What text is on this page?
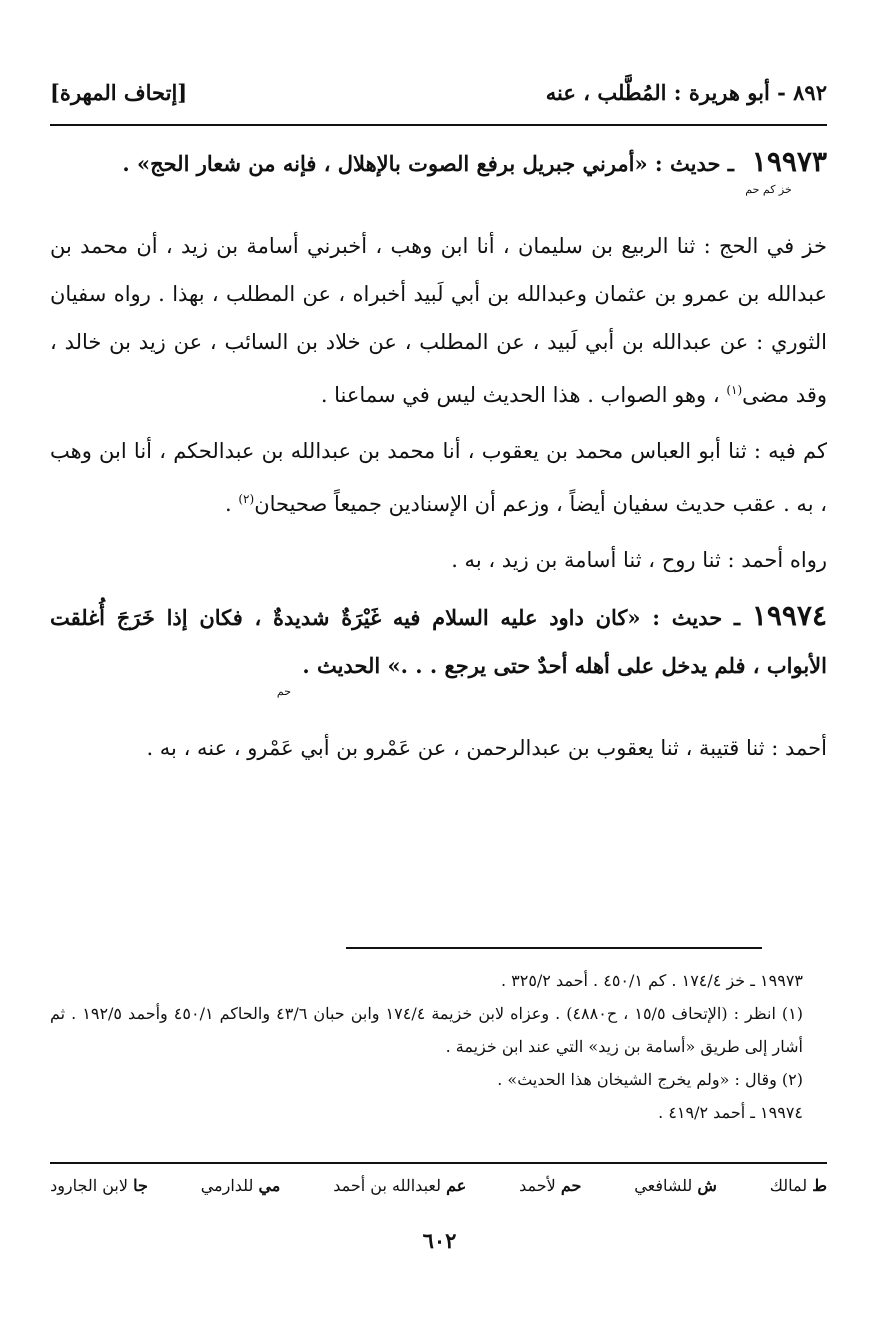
٨٩٢ - أبو هريرة : المُطَّلب ، عنه
[إتحاف المهرة]

١٩٩٧٣خز كم حم ـ حديث : «أمرني جبريل برفع الصوت بالإهلال ، فإنه من شعار الحج» .

خز في الحج : ثنا الربيع بن سليمان ، أنا ابن وهب ، أخبرني أسامة بن زيد ، أن محمد بن عبدالله بن عمرو بن عثمان وعبدالله بن أبي لَبيد أخبراه ، عن المطلب ، بهذا . رواه سفيان الثوري : عن عبدالله بن أبي لَبيد ، عن المطلب ، عن خلاد بن السائب ، عن زيد بن خالد ، وقد مضى$^{(١)}$ ، وهو الصواب . هذا الحديث ليس في سماعنا .

كم فيه : ثنا أبو العباس محمد بن يعقوب ، أنا محمد بن عبدالله بن عبدالحكم ، أنا ابن وهب ، به . عقب حديث سفيان أيضاً ، وزعم أن الإسنادين جميعاً صحيحان$^{(٢)}$ .

رواه أحمد : ثنا روح ، ثنا أسامة بن زيد ، به .

١٩٩٧٤ ـ حديث : «كان داود عليه السلام فيه غَيْرَةٌ شديدةٌ ، فكان إذا خَرَجَ أُغلقت الأبواب ، فلم يدخل على أهله أحدٌ حتى يرجع . . .» الحديث . حم

أحمد : ثنا قتيبة ، ثنا يعقوب بن عبدالرحمن ، عن عَمْرو بن أبي عَمْرو ، عنه ، به .

١٩٩٧٣ ـ خز ١٧٤/٤ . كم ٤٥٠/١ . أحمد ٣٢٥/٢ .
(١) انظر : (الإتحاف ١٥/٥ ، ح٤٨٨٠) . وعزاه لابن خزيمة ١٧٤/٤ وابن حبان ٤٣/٦ والحاكم ٤٥٠/١ وأحمد ١٩٢/٥ . ثم أشار إلى طريق «أسامة بن زيد» التي عند ابن خزيمة .
(٢) وقال : «ولم يخرج الشيخان هذا الحديث» .
١٩٩٧٤ ـ أحمد ٤١٩/٢ .
ط لمالك
ش للشافعي
حم لأحمد
عم لعبدالله بن أحمد
مي للدارمي
جا لابن الجارود
٦٠٢
